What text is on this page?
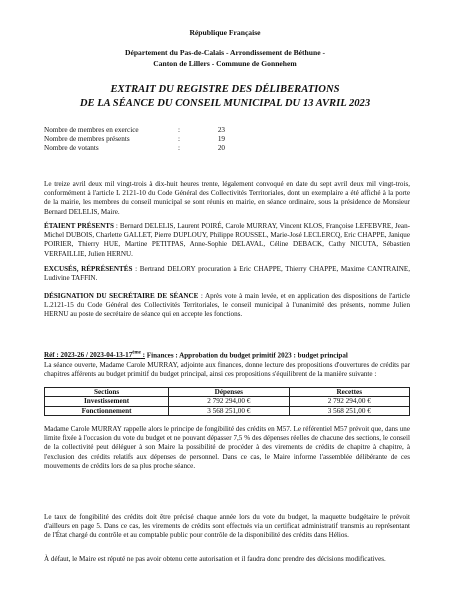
République Française
Département du Pas-de-Calais - Arrondissement de Béthune -
Canton de Lillers - Commune de Gonnehem
EXTRAIT DU REGISTRE DES DÉLIBERATIONS
DE LA SÉANCE DU CONSEIL MUNICIPAL DU 13 AVRIL 2023
Nombre de membres en exercice	:	23
Nombre de membres présents	:	19
Nombre de votants	:	20

Le treize avril deux mil vingt-trois à dix-huit heures trente, légalement convoqué en date du sept avril deux mil vingt-trois, conformément à l'article L 2121-10 du Code Général des Collectivités Territoriales, dont un exemplaire a été affiché à la porte de la mairie, les membres du conseil municipal se sont réunis en mairie, en séance ordinaire, sous la présidence de Monsieur Bernard DELELIS, Maire.

ÉTAIENT PRÉSENTS : Bernard DELELIS, Laurent POIRÉ, Carole MURRAY, Vincent KLOS, Françoise LEFEBVRE, Jean-Michel DUBOIS, Charlette GALLET, Pierre DUPLOUY, Philippe ROUSSEL, Marie-José LECLERCQ, Eric CHAPPE, Janique POIRIER, Thierry HUE, Martine PETITPAS, Anne-Sophie DELAVAL, Céline DEBACK, Cathy NICUTA, Sébastien VERFAILLIE, Julien HERNU.

EXCUSÉS, RÉPRÉSENTÉS : Bertrand DELORY procuration à Eric CHAPPE, Thierry CHAPPE, Maxime CANTRAINE, Ludivine TAFFIN.

DÉSIGNATION DU SECRÉTAIRE DE SÉANCE : Après vote à main levée, et en application des dispositions de l'article L.2121-15 du Code Général des Collectivités Territoriales, le conseil municipal à l'unanimité des présents, nomme Julien HERNU au poste de secrétaire de séance qui en accepte les fonctions.

Réf : 2023-26 / 2023-04-13-17ème : Finances : Approbation du budget primitif 2023 : budget principal

La séance ouverte, Madame Carole MURRAY, adjointe aux finances, donne lecture des propositions d'ouvertures de crédits par chapitres afférents au budget primitif du budget principal, ainsi ces propositions s'équilibrent de la manière suivante :

Sections	Dépenses	Recettes
Investissement	2 792 294,00 €	2 792 294,00 €
Fonctionnement	3 568 251,00 €	3 568 251,00 €

Madame Carole MURRAY rappelle alors le principe de fongibilité des crédits en M57. Le référentiel M57 prévoit que, dans une limite fixée à l'occasion du vote du budget et ne pouvant dépasser 7,5 % des dépenses réelles de chacune des sections, le conseil de la collectivité peut déléguer à son Maire la possibilité de procéder à des virements de crédits de chapitre à chapitre, à l'exclusion des crédits relatifs aux dépenses de personnel. Dans ce cas, le Maire informe l'assemblée délibérante de ces mouvements de crédits lors de sa plus proche séance.

Le taux de fongibilité des crédits doit être précisé chaque année lors du vote du budget, la maquette budgétaire le prévoit d'ailleurs en page 5. Dans ce cas, les virements de crédits sont effectués via un certificat administratif transmis au représentant de l'État chargé du contrôle et au comptable public pour contrôle de la disponibilité des crédits dans Hélios.

À défaut, le Maire est réputé ne pas avoir obtenu cette autorisation et il faudra donc prendre des décisions modificatives.
